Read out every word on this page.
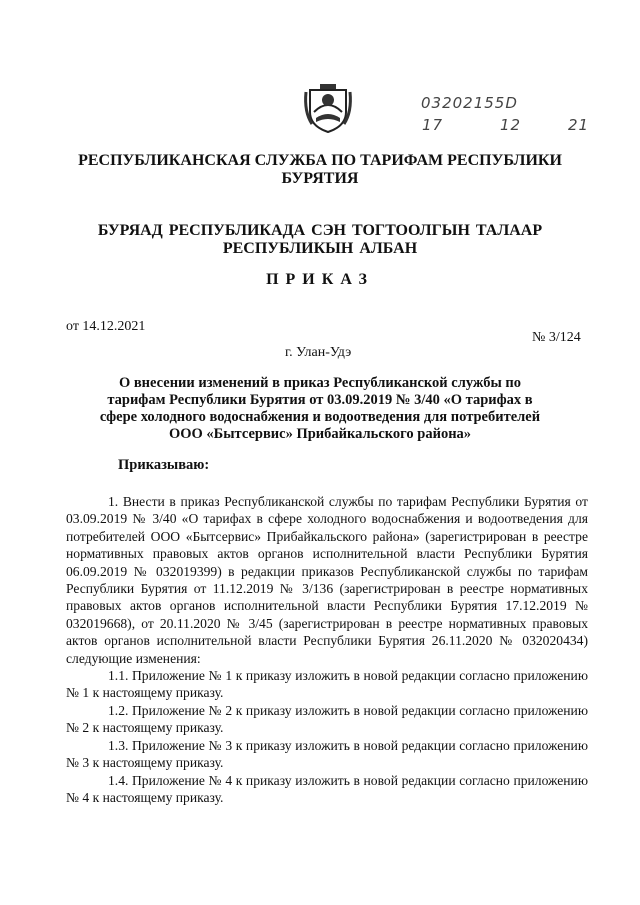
03202155D
17	12	21
РЕСПУБЛИКАНСКАЯ СЛУЖБА ПО ТАРИФАМ РЕСПУБЛИКИ БУРЯТИЯ
БУРЯАД РЕСПУБЛИКАДА СЭН ТОГТООЛГЫН ТАЛААР РЕСПУБЛИКЫН АЛБАН
ПРИКАЗ
от 14.12.2021
№ 3/124
г. Улан-Удэ
О внесении изменений в приказ Республиканской службы по тарифам Республики Бурятия от 03.09.2019 № 3/40 «О тарифах в сфере холодного водоснабжения и водоотведения для потребителей ООО «Бытсервис» Прибайкальского района»
Приказываю:

1. Внести в приказ Республиканской службы по тарифам Республики Бурятия от 03.09.2019 № 3/40 «О тарифах в сфере холодного водоснабжения и водоотведения для потребителей ООО «Бытсервис» Прибайкальского района» (зарегистрирован в реестре нормативных правовых актов органов исполнительной власти Республики Бурятия 06.09.2019 № 032019399) в редакции приказов Республиканской службы по тарифам Республики Бурятия от 11.12.2019 № 3/136 (зарегистрирован в реестре нормативных правовых актов органов исполнительной власти Республики Бурятия 17.12.2019 № 032019668), от 20.11.2020 № 3/45 (зарегистрирован в реестре нормативных правовых актов органов исполнительной власти Республики Бурятия 26.11.2020 № 032020434) следующие изменения:

1.1. Приложение № 1 к приказу изложить в новой редакции согласно приложению № 1 к настоящему приказу.

1.2. Приложение № 2 к приказу изложить в новой редакции согласно приложению № 2 к настоящему приказу.

1.3. Приложение № 3 к приказу изложить в новой редакции согласно приложению № 3 к настоящему приказу.

1.4. Приложение № 4 к приказу изложить в новой редакции согласно приложению № 4 к настоящему приказу.
